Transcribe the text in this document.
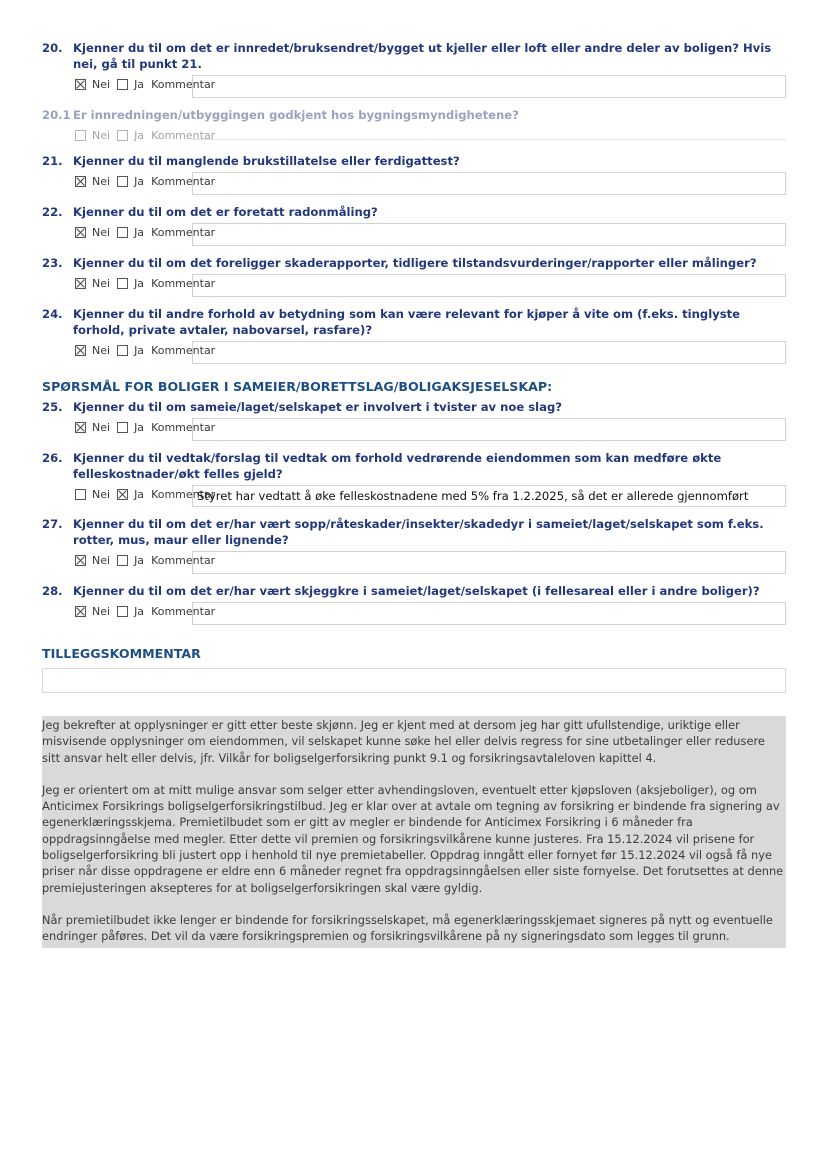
20. Kjenner du til om det er innredet/bruksendret/bygget ut kjeller eller loft eller andre deler av boligen? Hvis nei, gå til punkt 21.
Nei Ja Kommentar
20.1 Er innredningen/utbyggingen godkjent hos bygningsmyndighetene?
Nei Ja Kommentar
21. Kjenner du til manglende brukstillatelse eller ferdigattest?
Nei Ja Kommentar
22. Kjenner du til om det er foretatt radonmåling?
Nei Ja Kommentar
23. Kjenner du til om det foreligger skaderapporter, tidligere tilstandsvurderinger/rapporter eller målinger?
Nei Ja Kommentar
24. Kjenner du til andre forhold av betydning som kan være relevant for kjøper å vite om (f.eks. tinglyste forhold, private avtaler, nabovarsel, rasfare)?
Nei Ja Kommentar
SPØRSMÅL FOR BOLIGER I SAMEIER/BORETTSLAG/BOLIGAKSJESELSKAP:
25. Kjenner du til om sameie/laget/selskapet er involvert i tvister av noe slag?
Nei Ja Kommentar
26. Kjenner du til vedtak/forslag til vedtak om forhold vedrørende eiendommen som kan medføre økte felleskostnader/økt felles gjeld?
Nei Ja Kommentar
Styret har vedtatt å øke felleskostnadene med 5% fra 1.2.2025, så det er allerede gjennomført
27. Kjenner du til om det er/har vært sopp/råteskader/insekter/skadedyr i sameiet/laget/selskapet som f.eks. rotter, mus, maur eller lignende?
Nei Ja Kommentar
28. Kjenner du til om det er/har vært skjeggkre i sameiet/laget/selskapet (i fellesareal eller i andre boliger)?
Nei Ja Kommentar
TILLEGGSKOMMENTAR

Jeg bekrefter at opplysninger er gitt etter beste skjønn. Jeg er kjent med at dersom jeg har gitt ufullstendige, uriktige eller misvisende opplysninger om eiendommen, vil selskapet kunne søke hel eller delvis regress for sine utbetalinger eller redusere sitt ansvar helt eller delvis, jfr. Vilkår for boligselgerforsikring punkt 9.1 og forsikringsavtaleloven kapittel 4.

Jeg er orientert om at mitt mulige ansvar som selger etter avhendingsloven, eventuelt etter kjøpsloven (aksjeboliger), og om Anticimex Forsikrings boligselgerforsikringstilbud. Jeg er klar over at avtale om tegning av forsikring er bindende fra signering av egenerklæringsskjema. Premietilbudet som er gitt av megler er bindende for Anticimex Forsikring i 6 måneder fra oppdragsinngåelse med megler. Etter dette vil premien og forsikringsvilkårene kunne justeres. Fra 15.12.2024 vil prisene for boligselgerforsikring bli justert opp i henhold til nye premietabeller. Oppdrag inngått eller fornyet før 15.12.2024 vil også få nye priser når disse oppdragene er eldre enn 6 måneder regnet fra oppdragsinngåelsen eller siste fornyelse. Det forutsettes at denne premiejusteringen aksepteres for at boligselgerforsikringen skal være gyldig.

Når premietilbudet ikke lenger er bindende for forsikringsselskapet, må egenerklæringsskjemaet signeres på nytt og eventuelle endringer påføres. Det vil da være forsikringspremien og forsikringsvilkårene på ny signeringsdato som legges til grunn.
